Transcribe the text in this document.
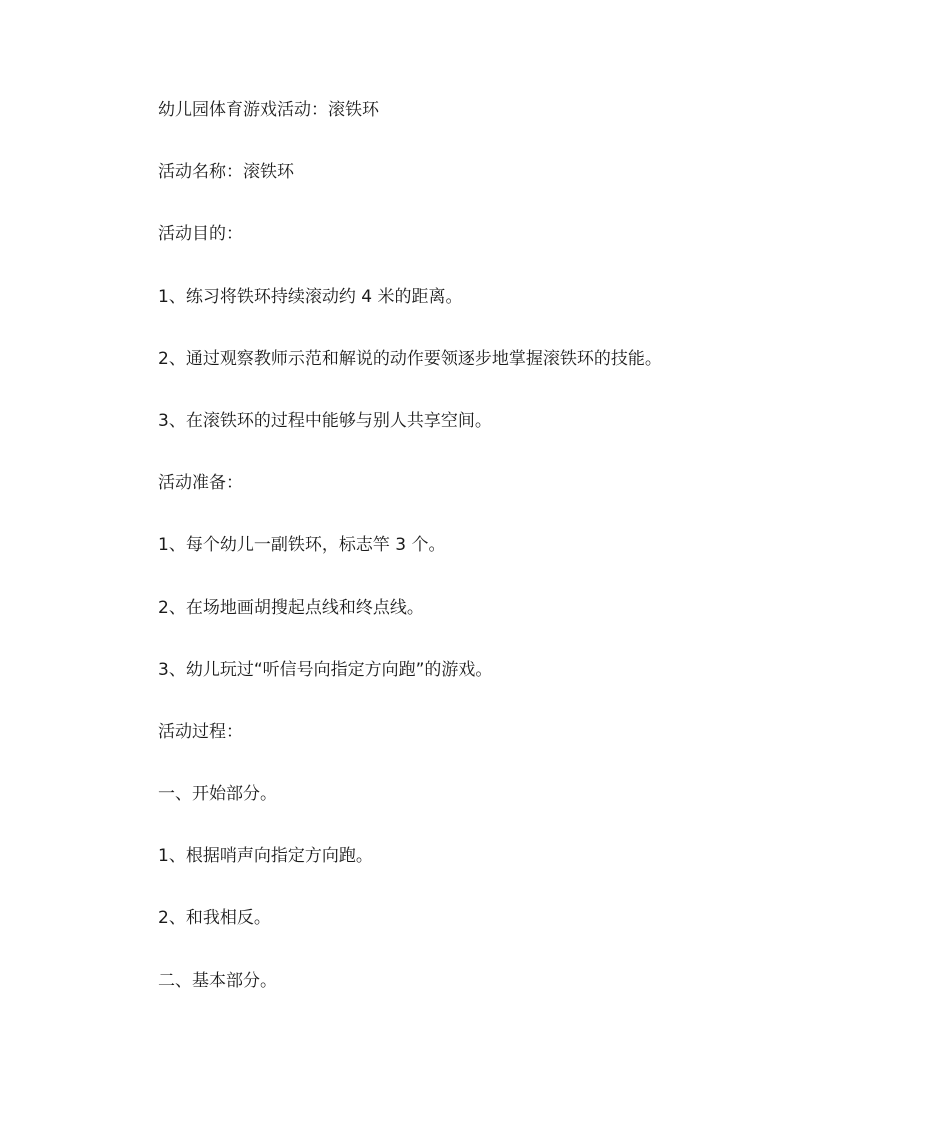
幼儿园体育游戏活动：滚铁环
活动名称：滚铁环
活动目的：
1、练习将铁环持续滚动约 4 米的距离。
2、通过观察教师示范和解说的动作要领逐步地掌握滚铁环的技能。
3、在滚铁环的过程中能够与别人共享空间。
活动准备：
1、每个幼儿一副铁环，标志竿 3 个。
2、在场地画胡搜起点线和终点线。
3、幼儿玩过“听信号向指定方向跑”的游戏。
活动过程：
一、开始部分。
1、根据哨声向指定方向跑。
2、和我相反。
二、基本部分。
